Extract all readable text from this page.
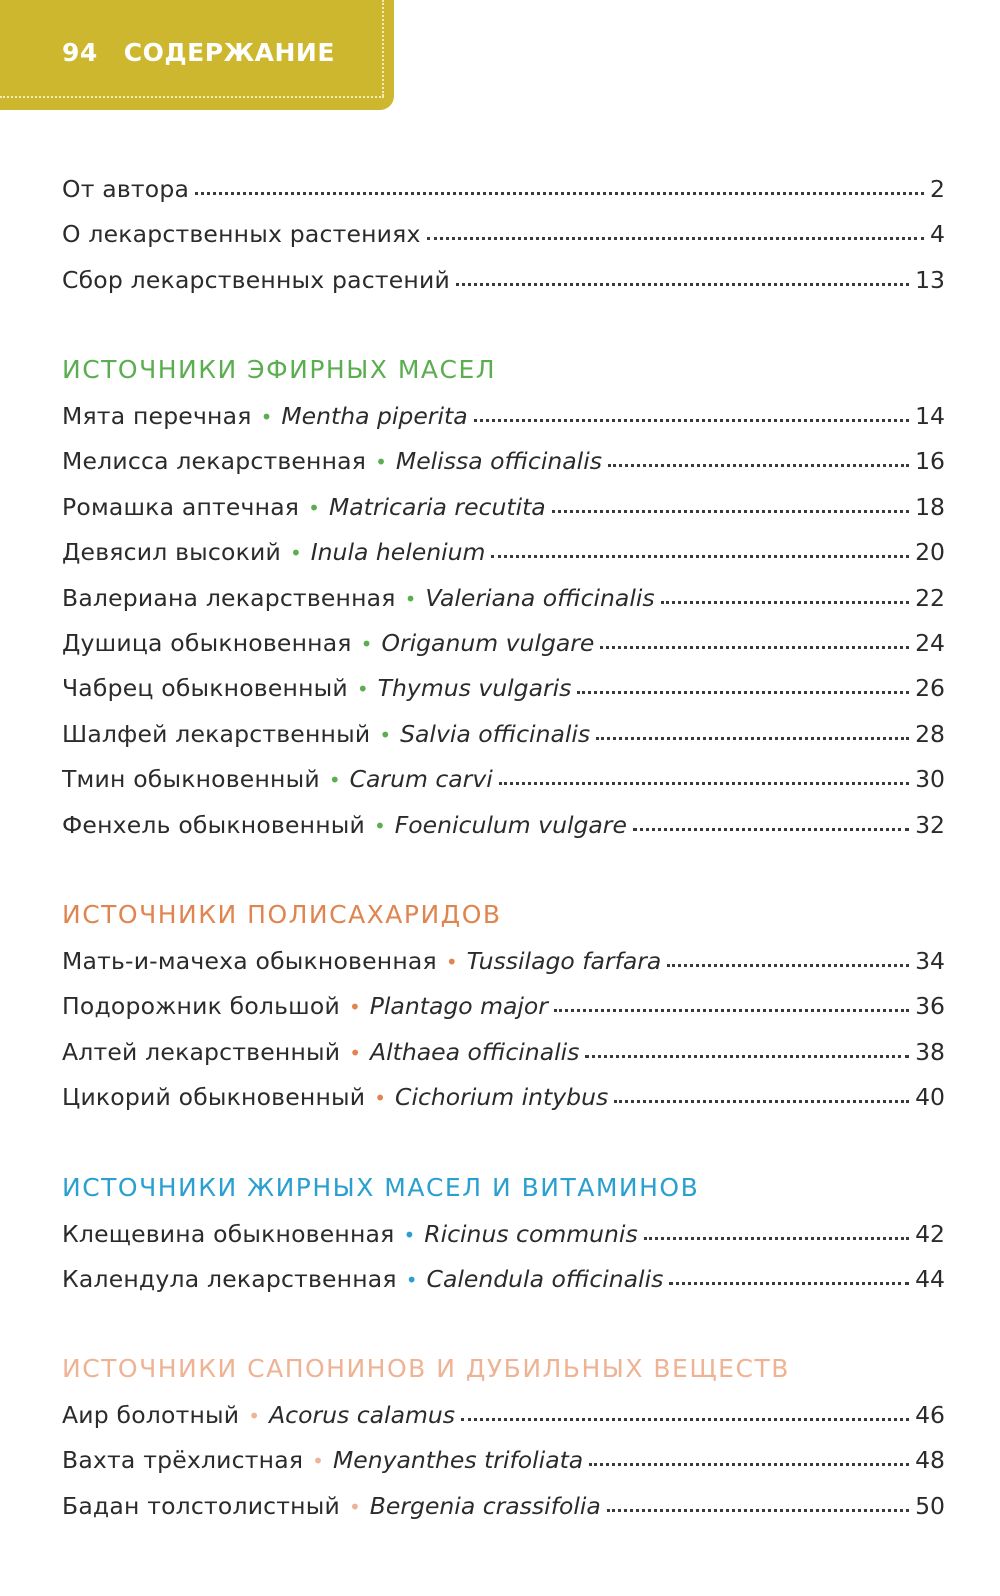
94 СОДЕРЖАНИЕ
От автора	2
О лекарственных растениях	4
Сбор лекарственных растений	13
ИСТОЧНИКИ ЭФИРНЫХ МАСЕЛ
Мята перечная • Mentha piperita	14
Мелисса лекарственная • Melissa officinalis	16
Ромашка аптечная • Matricaria recutita	18
Девясил высокий • Inula helenium	20
Валериана лекарственная • Valeriana officinalis	22
Душица обыкновенная • Origanum vulgare	24
Чабрец обыкновенный • Thymus vulgaris	26
Шалфей лекарственный • Salvia officinalis	28
Тмин обыкновенный • Carum carvi	30
Фенхель обыкновенный • Foeniculum vulgare	32
ИСТОЧНИКИ ПОЛИСАХАРИДОВ
Мать-и-мачеха обыкновенная • Tussilago farfara	34
Подорожник большой • Plantago major	36
Алтей лекарственный • Althaea officinalis	38
Цикорий обыкновенный • Cichorium intybus	40
ИСТОЧНИКИ ЖИРНЫХ МАСЕЛ И ВИТАМИНОВ
Клещевина обыкновенная • Ricinus communis	42
Календула лекарственная • Calendula officinalis	44
ИСТОЧНИКИ САПОНИНОВ И ДУБИЛЬНЫХ ВЕЩЕСТВ
Аир болотный • Acorus calamus	46
Вахта трёхлистная • Menyanthes trifoliata	48
Бадан толстолистный • Bergenia crassifolia	50
